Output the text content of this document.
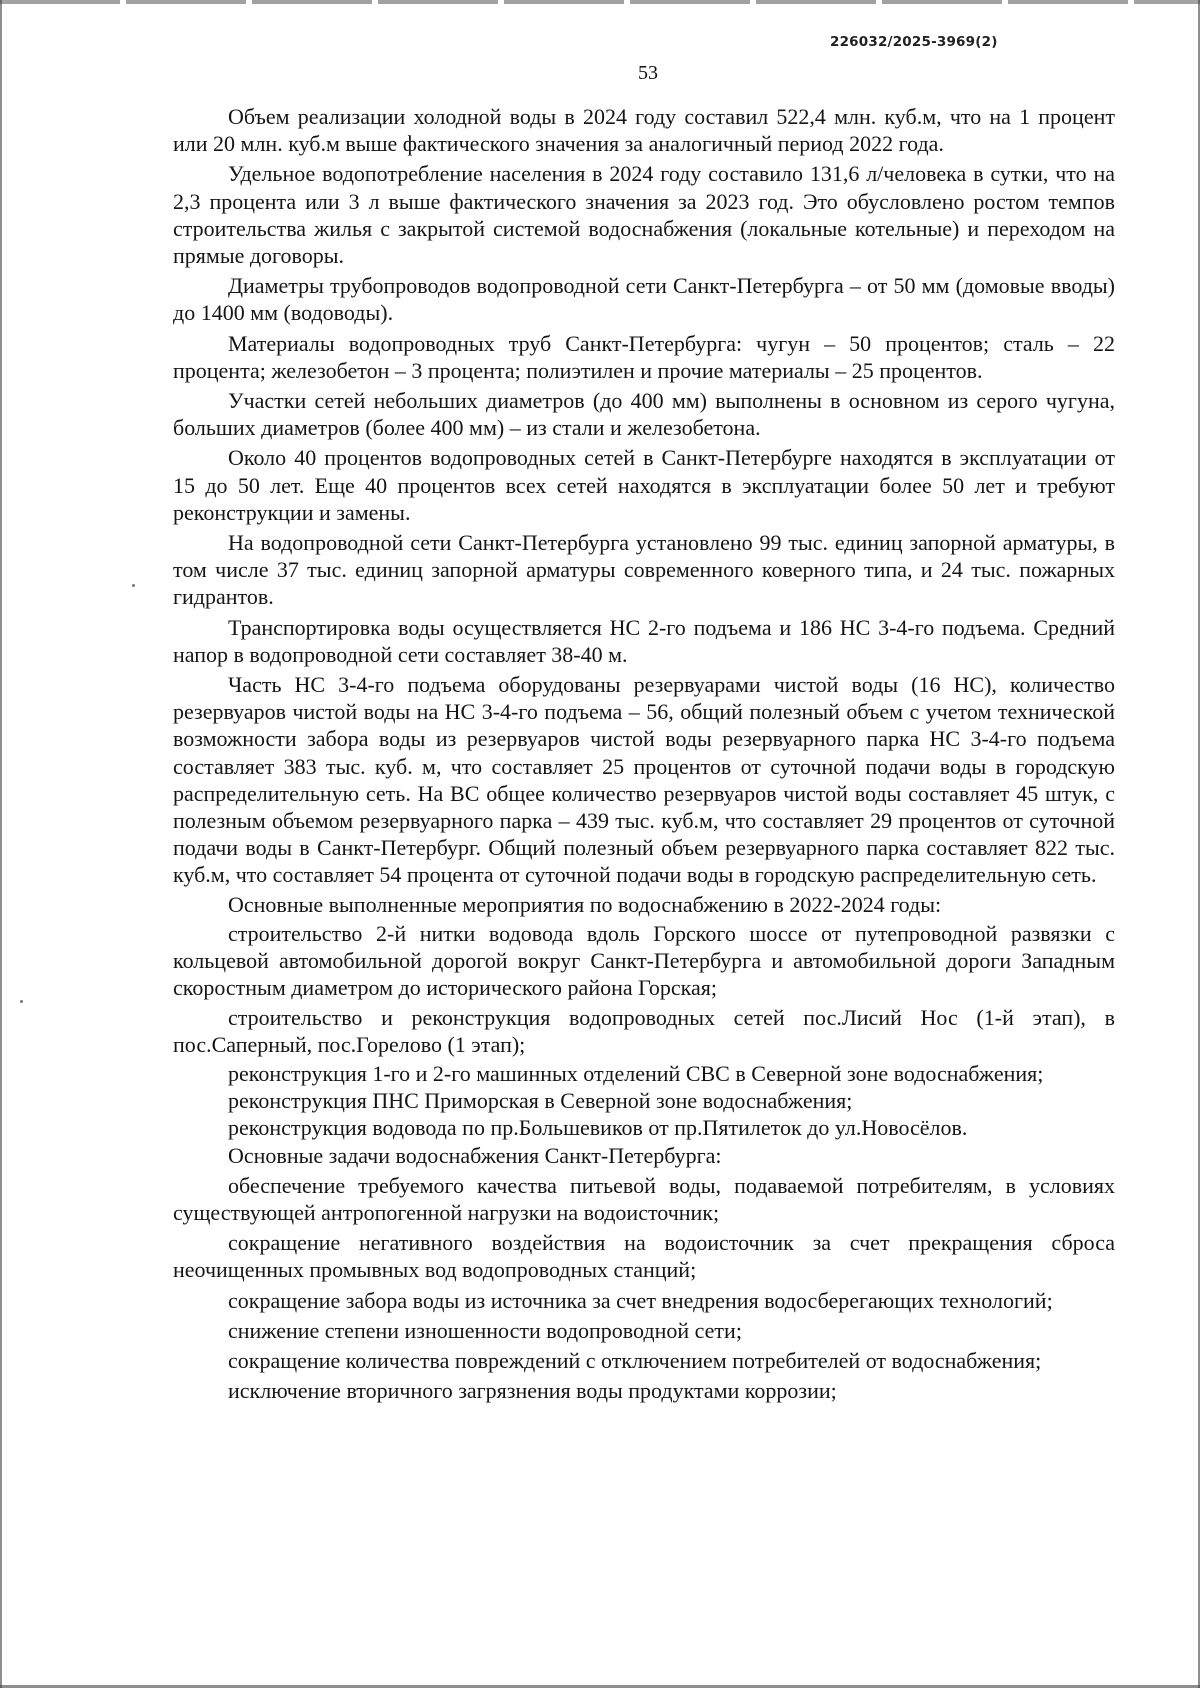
226032/2025-3969(2)
53

Объем реализации холодной воды в 2024 году составил 522,4 млн. куб.м, что на 1 процент или 20 млн. куб.м выше фактического значения за аналогичный период 2022 года.

Удельное водопотребление населения в 2024 году составило 131,6 л/человека в сутки, что на 2,3 процента или 3 л выше фактического значения за 2023 год. Это обусловлено ростом темпов строительства жилья с закрытой системой водоснабжения (локальные котельные) и переходом на прямые договоры.

Диаметры трубопроводов водопроводной сети Санкт-Петербурга – от 50 мм (домовые вводы) до 1400 мм (водоводы).

Материалы водопроводных труб Санкт-Петербурга: чугун – 50 процентов; сталь – 22 процента; железобетон – 3 процента; полиэтилен и прочие материалы – 25 процентов.

Участки сетей небольших диаметров (до 400 мм) выполнены в основном из серого чугуна, больших диаметров (более 400 мм) – из стали и железобетона.

Около 40 процентов водопроводных сетей в Санкт-Петербурге находятся в эксплуатации от 15 до 50 лет. Еще 40 процентов всех сетей находятся в эксплуатации более 50 лет и требуют реконструкции и замены.

На водопроводной сети Санкт-Петербурга установлено 99 тыс. единиц запорной арматуры, в том числе 37 тыс. единиц запорной арматуры современного коверного типа, и 24 тыс. пожарных гидрантов.

Транспортировка воды осуществляется НС 2-го подъема и 186 НС 3-4-го подъема. Средний напор в водопроводной сети составляет 38-40 м.

Часть НС 3-4-го подъема оборудованы резервуарами чистой воды (16 НС), количество резервуаров чистой воды на НС 3-4-го подъема – 56, общий полезный объем с учетом технической возможности забора воды из резервуаров чистой воды резервуарного парка НС 3-4-го подъема составляет 383 тыс. куб. м, что составляет 25 процентов от суточной подачи воды в городскую распределительную сеть. На ВС общее количество резервуаров чистой воды составляет 45 штук, с полезным объемом резервуарного парка – 439 тыс. куб.м, что составляет 29 процентов от суточной подачи воды в Санкт-Петербург. Общий полезный объем резервуарного парка составляет 822 тыс. куб.м, что составляет 54 процента от суточной подачи воды в городскую распределительную сеть.

Основные выполненные мероприятия по водоснабжению в 2022-2024 годы:

строительство 2-й нитки водовода вдоль Горского шоссе от путепроводной развязки с кольцевой автомобильной дорогой вокруг Санкт-Петербурга и автомобильной дороги Западным скоростным диаметром до исторического района Горская;

строительство и реконструкция водопроводных сетей пос.Лисий Нос (1-й этап), в пос.Саперный, пос.Горелово (1 этап);

реконструкция 1-го и 2-го машинных отделений СВС в Северной зоне водоснабжения;

реконструкция ПНС Приморская в Северной зоне водоснабжения;

реконструкция водовода по пр.Большевиков от пр.Пятилеток до ул.Новосёлов.

Основные задачи водоснабжения Санкт-Петербурга:

обеспечение требуемого качества питьевой воды, подаваемой потребителям, в условиях существующей антропогенной нагрузки на водоисточник;

сокращение негативного воздействия на водоисточник за счет прекращения сброса неочищенных промывных вод водопроводных станций;

сокращение забора воды из источника за счет внедрения водосберегающих технологий;

снижение степени изношенности водопроводной сети;

сокращение количества повреждений с отключением потребителей от водоснабжения;

исключение вторичного загрязнения воды продуктами коррозии;
